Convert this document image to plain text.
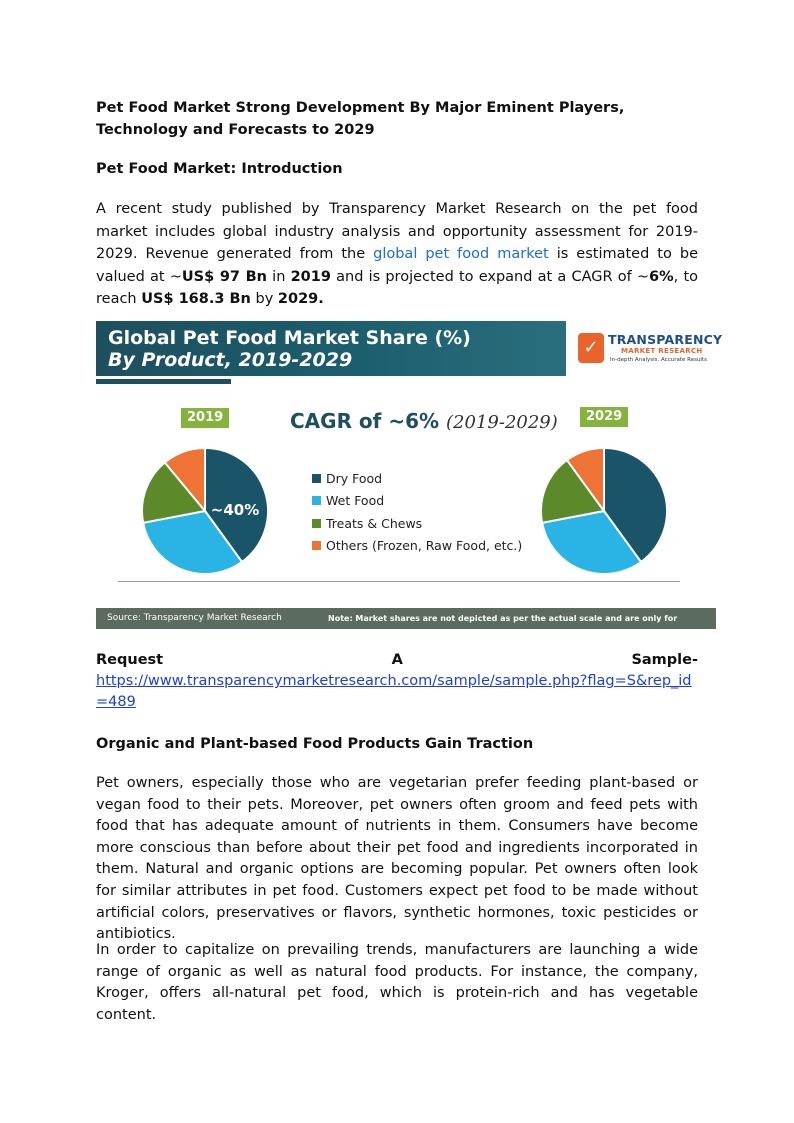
Pet Food Market Strong Development By Major Eminent Players, Technology and Forecasts to 2029
Pet Food Market: Introduction
A recent study published by Transparency Market Research on the pet food market includes global industry analysis and opportunity assessment for 2019-2029. Revenue generated from the global pet food market is estimated to be valued at ~US$ 97 Bn in 2019 and is projected to expand at a CAGR of ~6%, to reach US$ 168.3 Bn by 2029.
Global Pet Food Market Share (%)
By Product, 2019-2029
✓ TRANSPARENCY
MARKET RESEARCH
In-depth Analysis. Accurate Results
2019	2029
CAGR of ~6% (2019-2029)
~40%
Dry Food
Wet Food
Treats & Chews
Others (Frozen, Raw Food, etc.)
Source: Transparency Market Research	Note: Market shares are not depicted as per the actual scale and are only for illustration purposes.
Request	A	Sample-
https://www.transparencymarketresearch.com/sample/sample.php?flag=S&rep_id=489
Organic and Plant-based Food Products Gain Traction
Pet owners, especially those who are vegetarian prefer feeding plant-based or vegan food to their pets. Moreover, pet owners often groom and feed pets with food that has adequate amount of nutrients in them. Consumers have become more conscious than before about their pet food and ingredients incorporated in them. Natural and organic options are becoming popular. Pet owners often look for similar attributes in pet food. Customers expect pet food to be made without artificial colors, preservatives or flavors, synthetic hormones, toxic pesticides or antibiotics.
In order to capitalize on prevailing trends, manufacturers are launching a wide range of organic as well as natural food products. For instance, the company, Kroger, offers all-natural pet food, which is protein-rich and has vegetable content.
